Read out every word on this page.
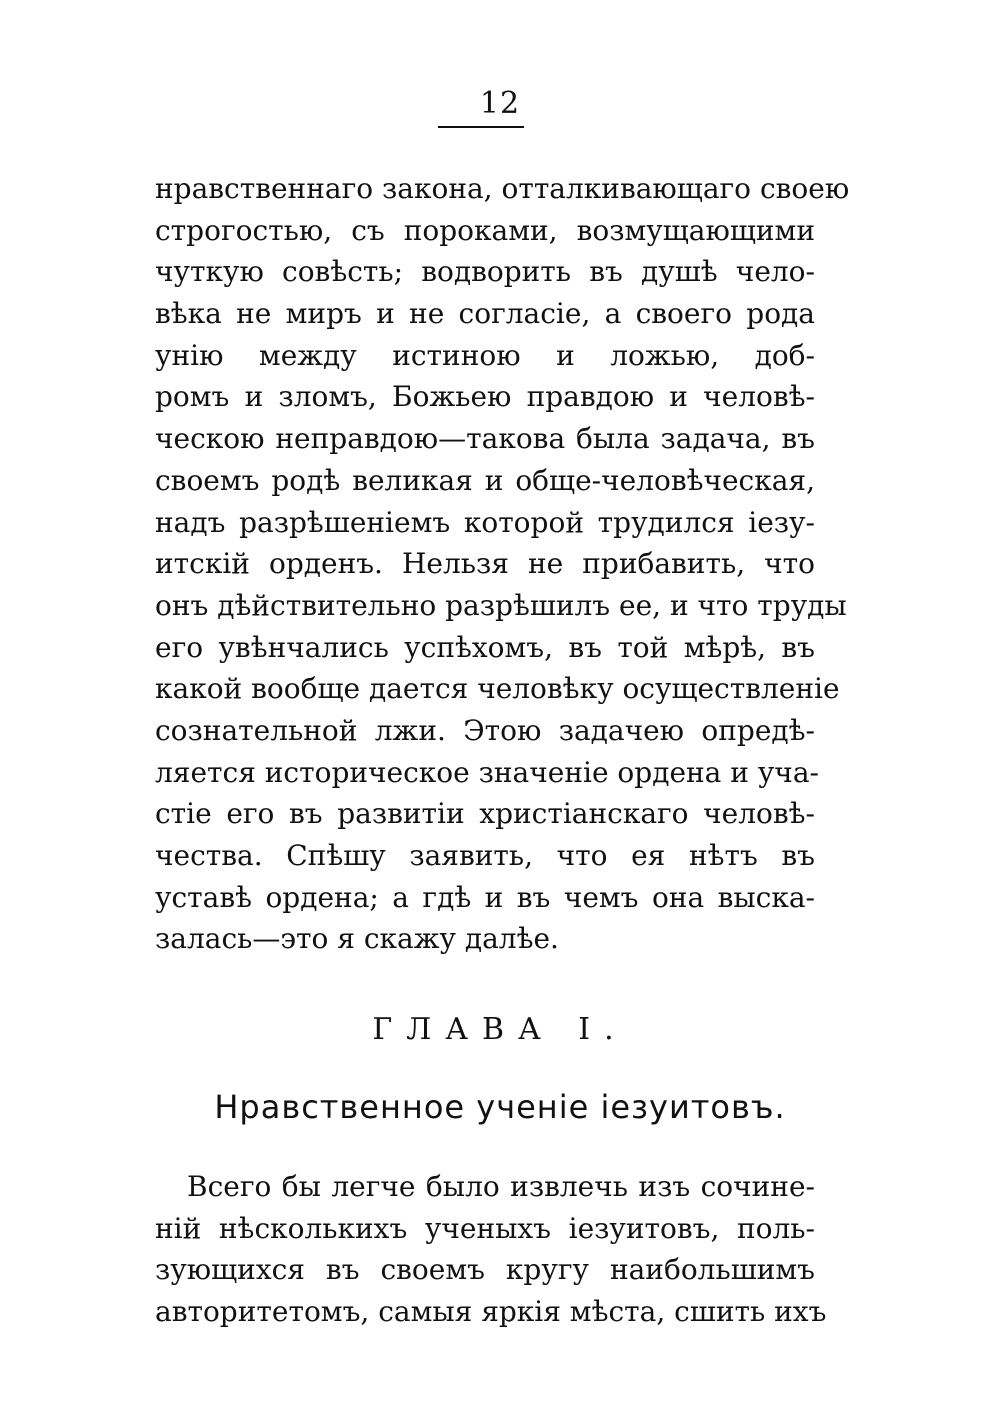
12
нравственнаго закона, отталкивающаго своею
строгостью, съ пороками, возмущающими
чуткую совѣсть; водворить въ душѣ чело-
вѣка не миръ и не согласіе, а своего рода
унію между истиною и ложью, доб-
ромъ и зломъ, Божьею правдою и человѣ-
ческою неправдою—такова была задача, въ
своемъ родѣ великая и обще-человѣческая,
надъ разрѣшеніемъ которой трудился іезу-
итскій орденъ. Нельзя не прибавить, что
онъ дѣйствительно разрѣшилъ ее, и что труды
его увѣнчались успѣхомъ, въ той мѣрѣ, въ
какой вообще дается человѣку осуществленіе
сознательной лжи. Этою задачею опредѣ-
ляется историческое значеніе ордена и уча-
стіе его въ развитіи христіанскаго человѣ-
чества. Спѣшу заявить, что ея нѣтъ въ
уставѣ ордена; а гдѣ и въ чемъ она выска-
залась—это я скажу далѣе.
ГЛАВА I.
Нравственное ученіе іезуитовъ.
Всего бы легче было извлечь изъ сочине-
ній нѣсколькихъ ученыхъ іезуитовъ, поль-
зующихся въ своемъ кругу наибольшимъ
авторитетомъ, самыя яркія мѣста, сшить ихъ
